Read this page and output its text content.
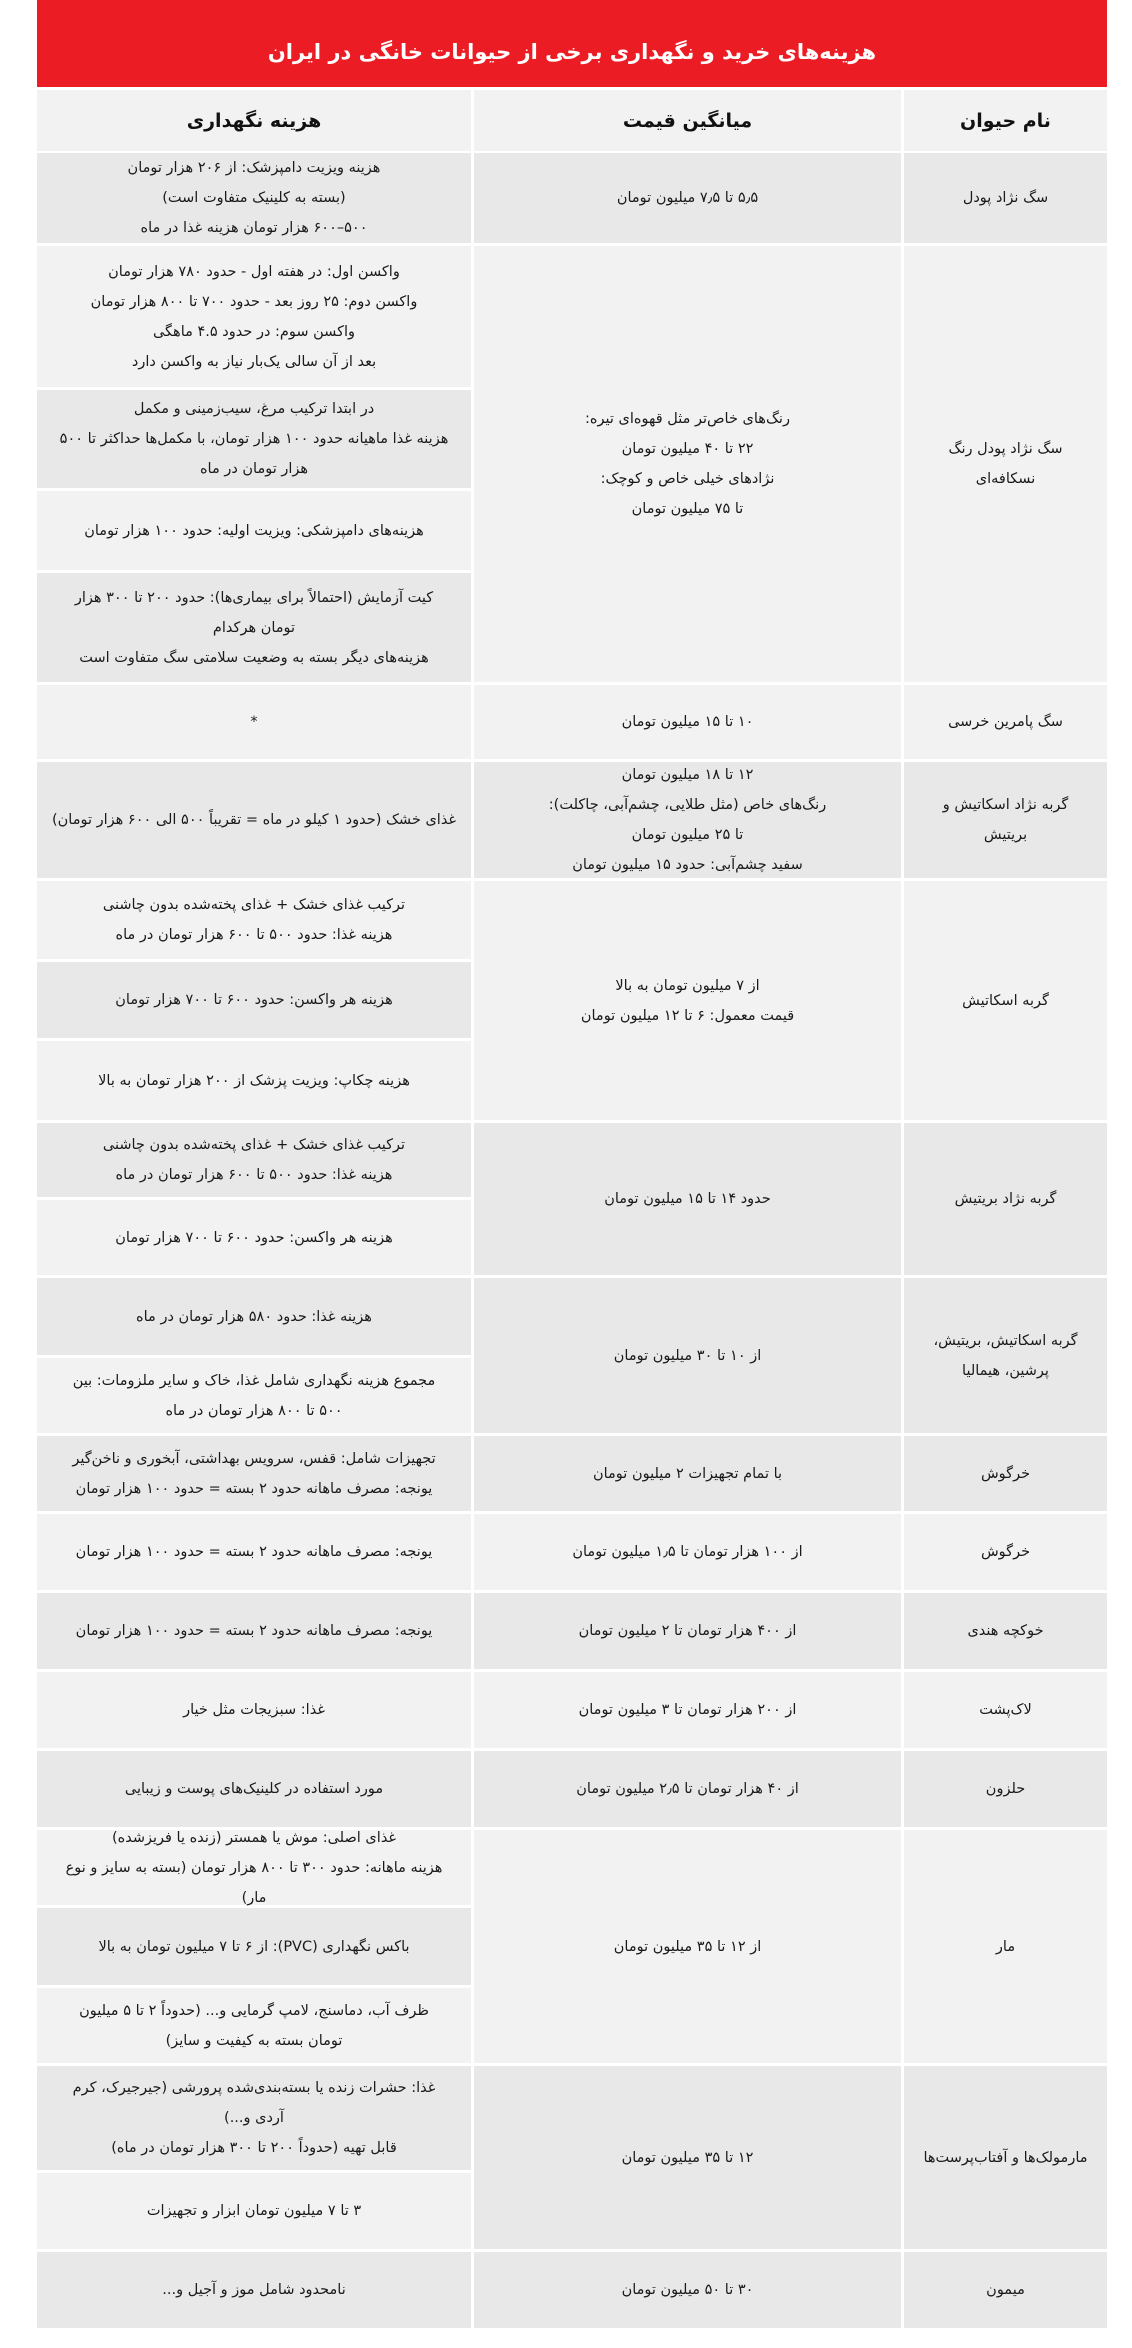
هزینه‌های خرید و نگهداری برخی از حیوانات خانگی در ایران
نام حیوان
میانگین قیمت
هزینه نگهداری
سگ نژاد پودل
۵٫۵ تا ۷٫۵ میلیون تومان
هزینه ویزیت دامپزشک: از ۲۰۶ هزار تومان
(بسته به کلینیک متفاوت است)
۵۰۰–۶۰۰ هزار تومان هزینه غذا در ماه
سگ نژاد پودل رنگ
نسکافه‌ای
رنگ‌های خاص‌تر مثل قهوه‌ای تیره:
۲۲ تا ۴۰ میلیون تومان
نژادهای خیلی خاص و کوچک:
تا ۷۵ میلیون تومان
واکسن اول: در هفته اول - حدود ۷۸۰ هزار تومان
واکسن دوم: ۲۵ روز بعد - حدود ۷۰۰ تا ۸۰۰ هزار تومان
واکسن سوم: در حدود ۴.۵ ماهگی
بعد از آن سالی یک‌بار نیاز به واکسن دارد
در ابتدا ترکیب مرغ، سیب‌زمینی و مکمل
هزینه غذا ماهیانه حدود ۱۰۰ هزار تومان، با مکمل‌ها حداکثر تا ۵۰۰
هزار تومان در ماه
هزینه‌های دامپزشکی: ویزیت اولیه: حدود ۱۰۰ هزار تومان
کیت آزمایش (احتمالاً برای بیماری‌ها): حدود ۲۰۰ تا ۳۰۰ هزار
تومان هرکدام
هزینه‌های دیگر بسته به وضعیت سلامتی سگ متفاوت است
سگ پامرین خرسی
۱۰ تا ۱۵ میلیون تومان
*
گربه نژاد اسکاتیش و
بریتیش
۱۲ تا ۱۸ میلیون تومان
رنگ‌های خاص (مثل طلایی، چشم‌آبی، چاکلت):
تا ۲۵ میلیون تومان
سفید چشم‌آبی: حدود ۱۵ میلیون تومان
غذای خشک (حدود ۱ کیلو در ماه = تقریباً ۵۰۰ الی ۶۰۰ هزار تومان)
گربه اسکاتیش
از ۷ میلیون تومان به بالا
قیمت معمول: ۶ تا ۱۲ میلیون تومان
ترکیب غذای خشک + غذای پخته‌شده بدون چاشنی
هزینه غذا: حدود ۵۰۰ تا ۶۰۰ هزار تومان در ماه
هزینه هر واکسن: حدود ۶۰۰ تا ۷۰۰ هزار تومان
هزینه چکاپ: ویزیت پزشک از ۲۰۰ هزار تومان به بالا
گربه نژاد بریتیش
حدود ۱۴ تا ۱۵ میلیون تومان
ترکیب غذای خشک + غذای پخته‌شده بدون چاشنی
هزینه غذا: حدود ۵۰۰ تا ۶۰۰ هزار تومان در ماه
هزینه هر واکسن: حدود ۶۰۰ تا ۷۰۰ هزار تومان
گربه اسکاتیش، بریتیش،
پرشین، هیمالیا
از ۱۰ تا ۳۰ میلیون تومان
هزینه غذا: حدود ۵۸۰ هزار تومان در ماه
مجموع هزینه نگهداری شامل غذا، خاک و سایر ملزومات: بین
۵۰۰ تا ۸۰۰ هزار تومان در ماه
خرگوش
با تمام تجهیزات ۲ میلیون تومان
تجهیزات شامل: قفس، سرویس بهداشتی، آبخوری و ناخن‌گیر
یونجه: مصرف ماهانه حدود ۲ بسته = حدود ۱۰۰ هزار تومان
خرگوش
از ۱۰۰ هزار تومان تا ۱٫۵ میلیون تومان
یونجه: مصرف ماهانه حدود ۲ بسته = حدود ۱۰۰ هزار تومان
خوکچه هندی
از ۴۰۰ هزار تومان تا ۲ میلیون تومان
یونجه: مصرف ماهانه حدود ۲ بسته = حدود ۱۰۰ هزار تومان
لاک‌پشت
از ۲۰۰ هزار تومان تا ۳ میلیون تومان
غذا: سبزیجات مثل خیار
حلزون
از ۴۰ هزار تومان تا ۲٫۵ میلیون تومان
مورد استفاده در کلینیک‌های پوست و زیبایی
مار
از ۱۲ تا ۳۵ میلیون تومان
غذای اصلی: موش یا همستر (زنده یا فریزشده)
هزینه ماهانه: حدود ۳۰۰ تا ۸۰۰ هزار تومان (بسته به سایز و نوع مار)
باکس نگهداری (PVC): از ۶ تا ۷ میلیون تومان به بالا
ظرف آب، دماسنج، لامپ گرمایی و... (حدوداً ۲ تا ۵ میلیون
تومان بسته به کیفیت و سایز)
مارمولک‌ها و آفتاب‌پرست‌ها
۱۲ تا ۳۵ میلیون تومان
غذا: حشرات زنده یا بسته‌بندی‌شده پرورشی (جیرجیرک، کرم
آردی و...)
قابل تهیه (حدوداً ۲۰۰ تا ۳۰۰ هزار تومان در ماه)
۳ تا ۷ میلیون تومان ابزار و تجهیزات
میمون
۳۰ تا ۵۰ میلیون تومان
نامحدود شامل موز و آجیل و...
